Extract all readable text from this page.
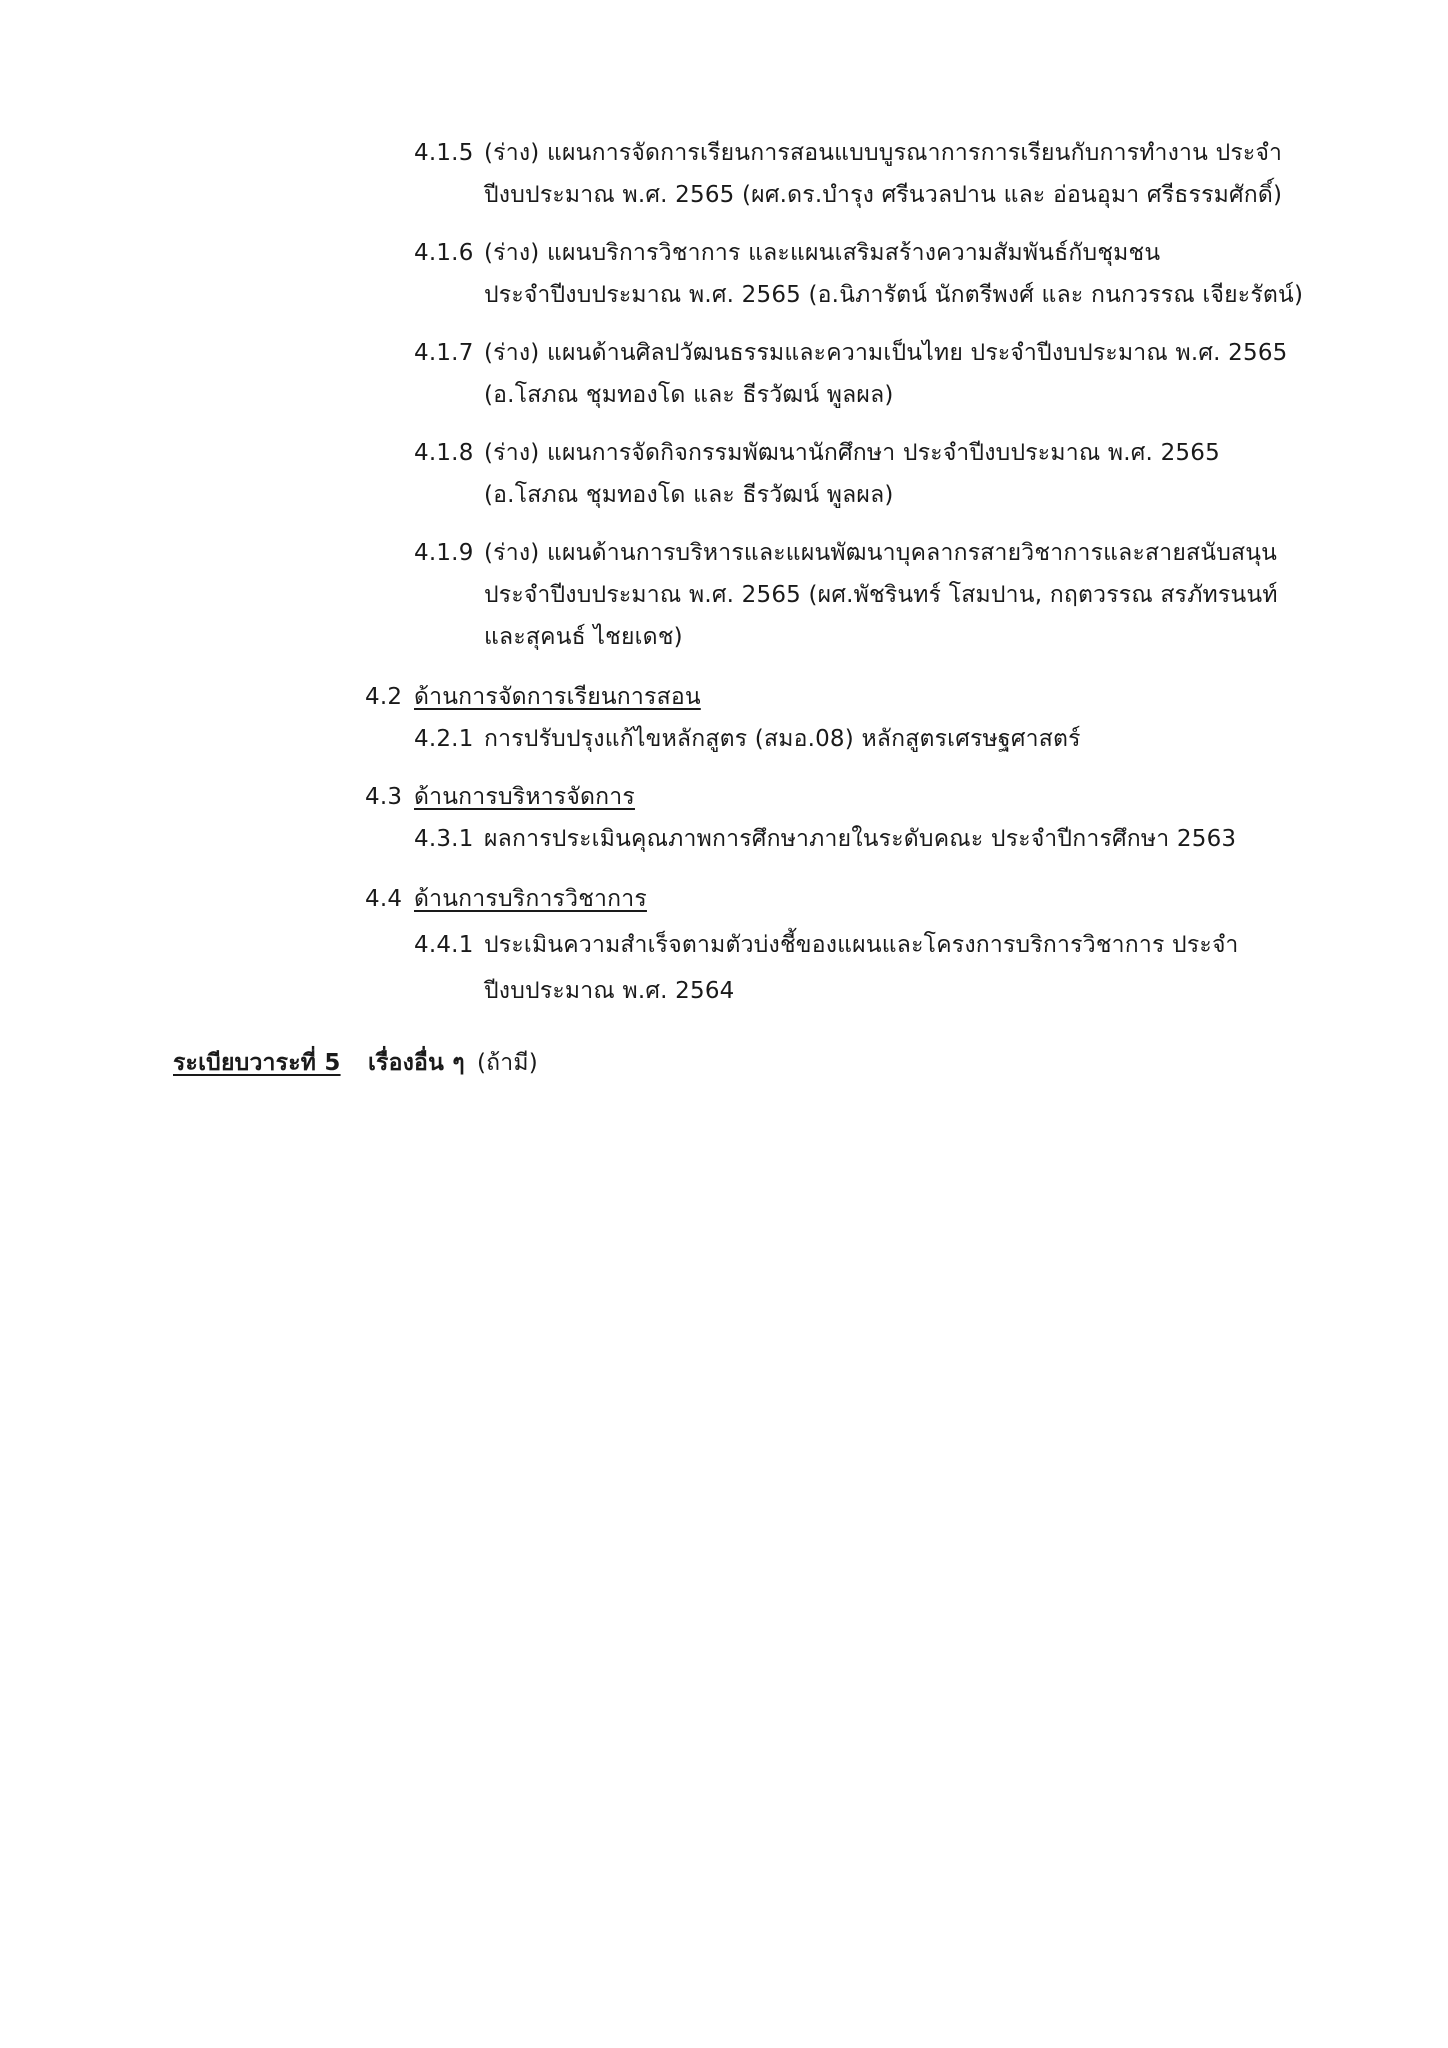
4.1.5 (ร่าง) แผนการจัดการเรียนการสอนแบบบูรณาการการเรียนกับการทำงาน ประจำ
ปีงบประมาณ พ.ศ. 2565 (ผศ.ดร.บำรุง ศรีนวลปาน และ อ่อนอุมา ศรีธรรมศักดิ์)
4.1.6 (ร่าง) แผนบริการวิชาการ และแผนเสริมสร้างความสัมพันธ์กับชุมชน
ประจำปีงบประมาณ พ.ศ. 2565 (อ.นิภารัตน์ นักตรีพงศ์ และ กนกวรรณ เจียะรัตน์)
4.1.7 (ร่าง) แผนด้านศิลปวัฒนธรรมและความเป็นไทย ประจำปีงบประมาณ พ.ศ. 2565
(อ.โสภณ ชุมทองโด และ ธีรวัฒน์ พูลผล)
4.1.8 (ร่าง) แผนการจัดกิจกรรมพัฒนานักศึกษา ประจำปีงบประมาณ พ.ศ. 2565
(อ.โสภณ ชุมทองโด และ ธีรวัฒน์ พูลผล)
4.1.9 (ร่าง) แผนด้านการบริหารและแผนพัฒนาบุคลากรสายวิชาการและสายสนับสนุน
ประจำปีงบประมาณ พ.ศ. 2565 (ผศ.พัชรินทร์ โสมปาน, กฤตวรรณ สรภัทรนนท์
และสุคนธ์ ไชยเดช)
4.2 ด้านการจัดการเรียนการสอน
4.2.1 การปรับปรุงแก้ไขหลักสูตร (สมอ.08) หลักสูตรเศรษฐศาสตร์
4.3 ด้านการบริหารจัดการ
4.3.1 ผลการประเมินคุณภาพการศึกษาภายในระดับคณะ ประจำปีการศึกษา 2563
4.4 ด้านการบริการวิชาการ
4.4.1 ประเมินความสำเร็จตามตัวบ่งชี้ของแผนและโครงการบริการวิชาการ ประจำ
ปีงบประมาณ พ.ศ. 2564
ระเบียบวาระที่ 5 เรื่องอื่น ๆ (ถ้ามี)
